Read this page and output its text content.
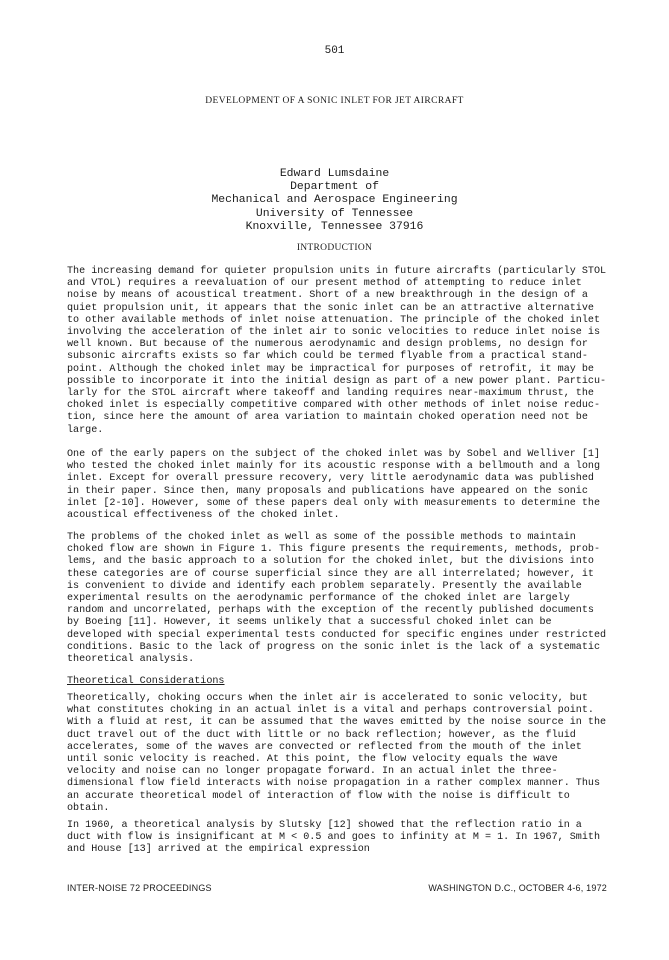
501
DEVELOPMENT OF A SONIC INLET FOR JET AIRCRAFT
Edward Lumsdaine
Department of
Mechanical and Aerospace Engineering
University of Tennessee
Knoxville, Tennessee 37916
INTRODUCTION
The increasing demand for quieter propulsion units in future aircrafts (particularly STOL
and VTOL) requires a reevaluation of our present method of attempting to reduce inlet
noise by means of acoustical treatment. Short of a new breakthrough in the design of a
quiet propulsion unit, it appears that the sonic inlet can be an attractive alternative
to other available methods of inlet noise attenuation. The principle of the choked inlet
involving the acceleration of the inlet air to sonic velocities to reduce inlet noise is
well known. But because of the numerous aerodynamic and design problems, no design for
subsonic aircrafts exists so far which could be termed flyable from a practical stand-
point. Although the choked inlet may be impractical for purposes of retrofit, it may be
possible to incorporate it into the initial design as part of a new power plant. Particu-
larly for the STOL aircraft where takeoff and landing requires near-maximum thrust, the
choked inlet is especially competitive compared with other methods of inlet noise reduc-
tion, since here the amount of area variation to maintain choked operation need not be
large.
One of the early papers on the subject of the choked inlet was by Sobel and Welliver [1]
who tested the choked inlet mainly for its acoustic response with a bellmouth and a long
inlet. Except for overall pressure recovery, very little aerodynamic data was published
in their paper. Since then, many proposals and publications have appeared on the sonic
inlet [2-10]. However, some of these papers deal only with measurements to determine the
acoustical effectiveness of the choked inlet.
The problems of the choked inlet as well as some of the possible methods to maintain
choked flow are shown in Figure 1. This figure presents the requirements, methods, prob-
lems, and the basic approach to a solution for the choked inlet, but the divisions into
these categories are of course superficial since they are all interrelated; however, it
is convenient to divide and identify each problem separately. Presently the available
experimental results on the aerodynamic performance of the choked inlet are largely
random and uncorrelated, perhaps with the exception of the recently published documents
by Boeing [11]. However, it seems unlikely that a successful choked inlet can be
developed with special experimental tests conducted for specific engines under restricted
conditions. Basic to the lack of progress on the sonic inlet is the lack of a systematic
theoretical analysis.
Theoretical Considerations
Theoretically, choking occurs when the inlet air is accelerated to sonic velocity, but
what constitutes choking in an actual inlet is a vital and perhaps controversial point.
With a fluid at rest, it can be assumed that the waves emitted by the noise source in the
duct travel out of the duct with little or no back reflection; however, as the fluid
accelerates, some of the waves are convected or reflected from the mouth of the inlet
until sonic velocity is reached. At this point, the flow velocity equals the wave
velocity and noise can no longer propagate forward. In an actual inlet the three-
dimensional flow field interacts with noise propagation in a rather complex manner. Thus
an accurate theoretical model of interaction of flow with the noise is difficult to
obtain.
In 1960, a theoretical analysis by Slutsky [12] showed that the reflection ratio in a
duct with flow is insignificant at M < 0.5 and goes to infinity at M = 1. In 1967, Smith
and House [13] arrived at the empirical expression
INTER-NOISE 72 PROCEEDINGS	WASHINGTON D.C., OCTOBER 4-6, 1972
